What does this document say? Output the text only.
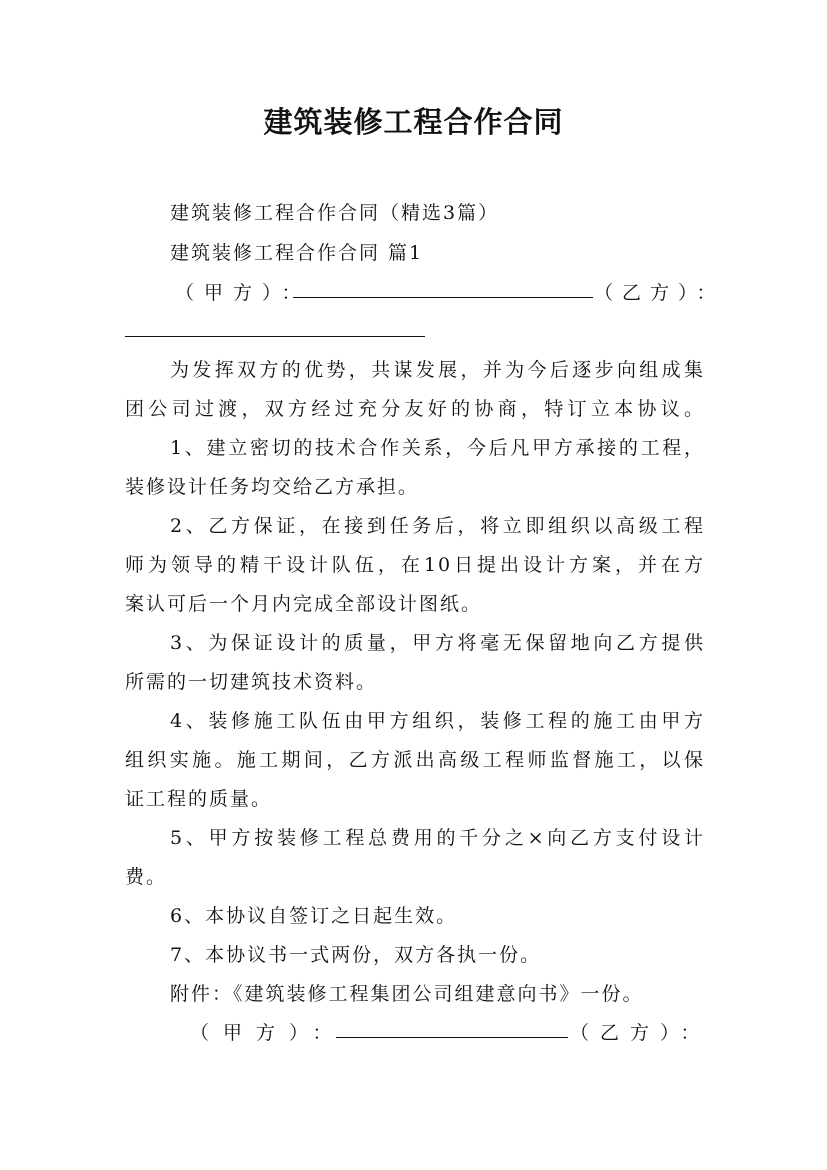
建筑装修工程合作合同
建筑装修工程合作合同（精选3篇）
建筑装修工程合作合同 篇1
（甲方）：	（乙方）：
为发挥双方的优势，共谋发展，并为今后逐步向组成集
团公司过渡，双方经过充分友好的协商，特订立本协议。
1、建立密切的技术合作关系，今后凡甲方承接的工程，
装修设计任务均交给乙方承担。
2、乙方保证，在接到任务后，将立即组织以高级工程
师为领导的精干设计队伍，在10日提出设计方案，并在方
案认可后一个月内完成全部设计图纸。
3、为保证设计的质量，甲方将毫无保留地向乙方提供
所需的一切建筑技术资料。
4、装修施工队伍由甲方组织，装修工程的施工由甲方
组织实施。施工期间，乙方派出高级工程师监督施工，以保
证工程的质量。
5、甲方按装修工程总费用的千分之×向乙方支付设计
费。
6、本协议自签订之日起生效。
7、本协议书一式两份，双方各执一份。
附件：《建筑装修工程集团公司组建意向书》一份。
（甲方）：	（乙方）：
